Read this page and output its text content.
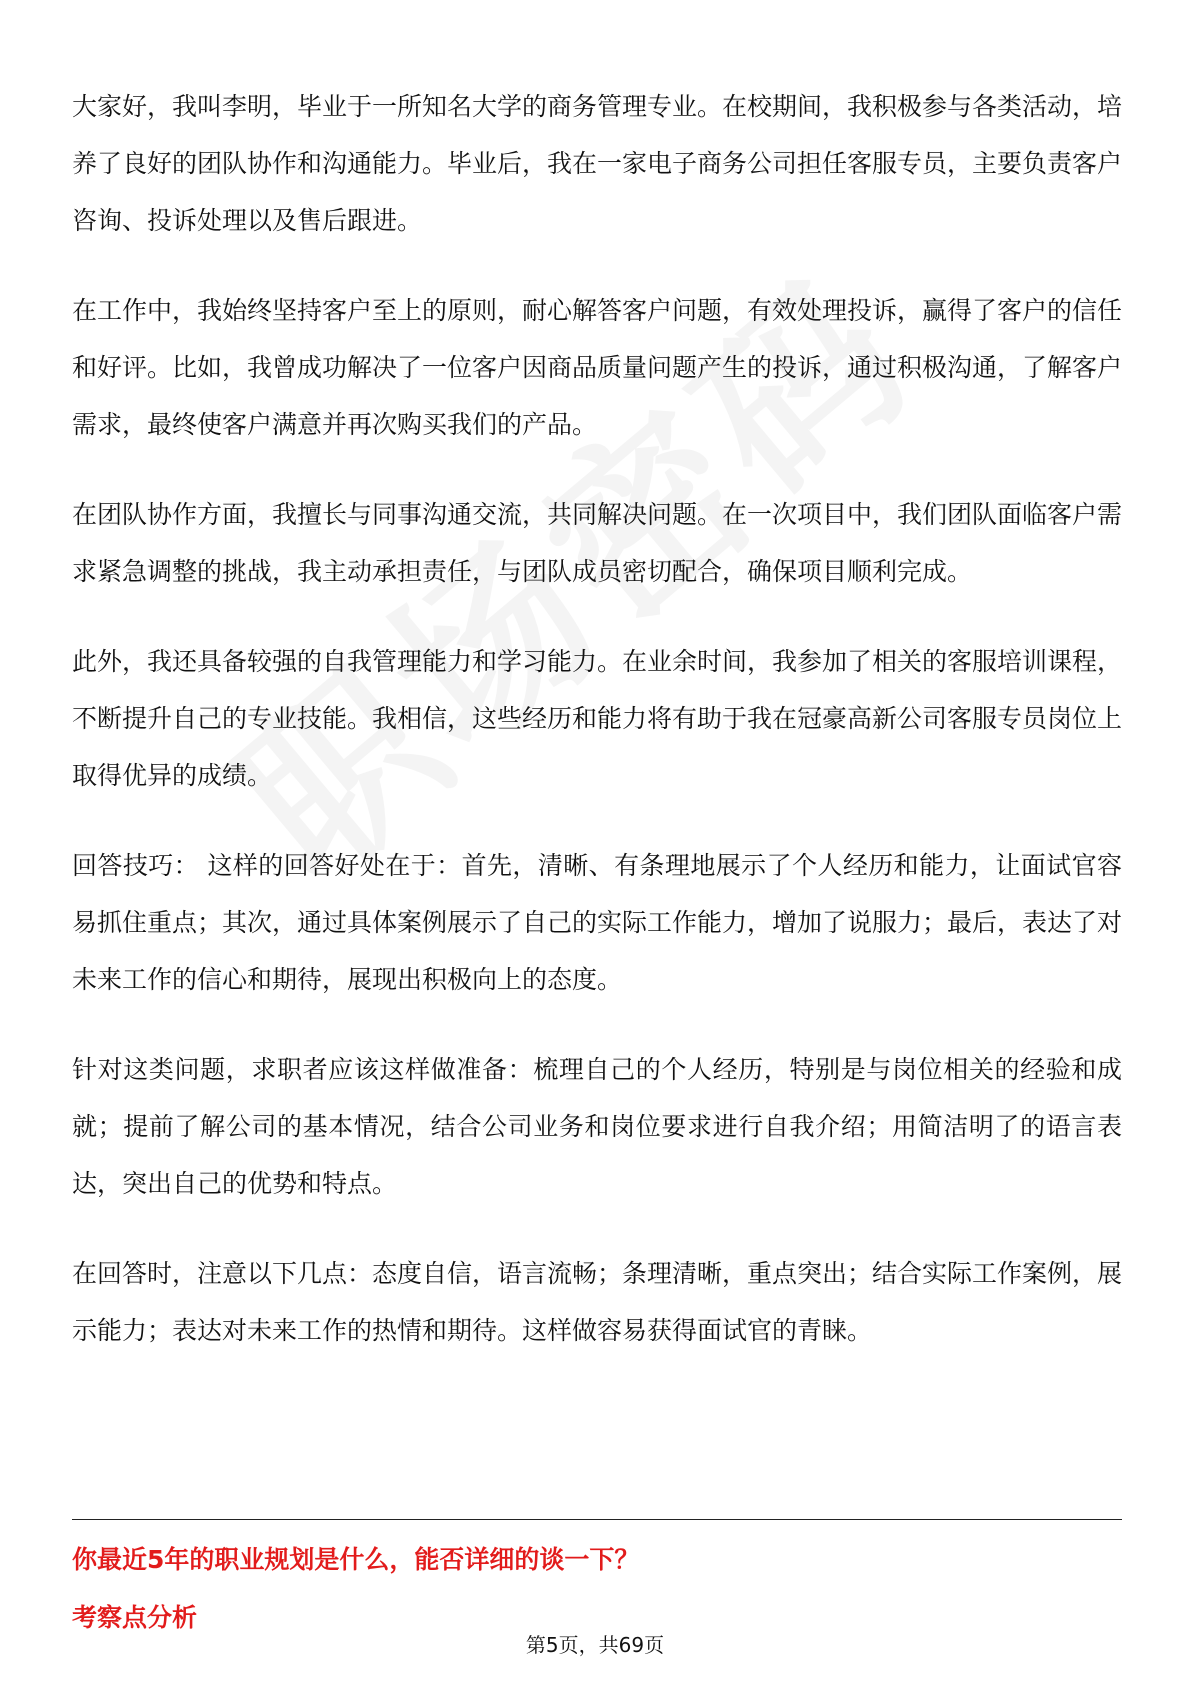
大家好，我叫李明，毕业于一所知名大学的商务管理专业。在校期间，我积极参与各类活动，培养了良好的团队协作和沟通能力。毕业后，我在一家电子商务公司担任客服专员，主要负责客户咨询、投诉处理以及售后跟进。

在工作中，我始终坚持客户至上的原则，耐心解答客户问题，有效处理投诉，赢得了客户的信任和好评。比如，我曾成功解决了一位客户因商品质量问题产生的投诉，通过积极沟通，了解客户需求，最终使客户满意并再次购买我们的产品。

在团队协作方面，我擅长与同事沟通交流，共同解决问题。在一次项目中，我们团队面临客户需求紧急调整的挑战，我主动承担责任，与团队成员密切配合，确保项目顺利完成。

此外，我还具备较强的自我管理能力和学习能力。在业余时间，我参加了相关的客服培训课程，不断提升自己的专业技能。我相信，这些经历和能力将有助于我在冠豪高新公司客服专员岗位上取得优异的成绩。

回答技巧： 这样的回答好处在于：首先，清晰、有条理地展示了个人经历和能力，让面试官容易抓住重点；其次，通过具体案例展示了自己的实际工作能力，增加了说服力；最后，表达了对未来工作的信心和期待，展现出积极向上的态度。

针对这类问题，求职者应该这样做准备：梳理自己的个人经历，特别是与岗位相关的经验和成就；提前了解公司的基本情况，结合公司业务和岗位要求进行自我介绍；用简洁明了的语言表达，突出自己的优势和特点。

在回答时，注意以下几点：态度自信，语言流畅；条理清晰，重点突出；结合实际工作案例，展示能力；表达对未来工作的热情和期待。这样做容易获得面试官的青睐。

你最近5年的职业规划是什么，能否详细的谈一下？
考察点分析
第5页，共69页
